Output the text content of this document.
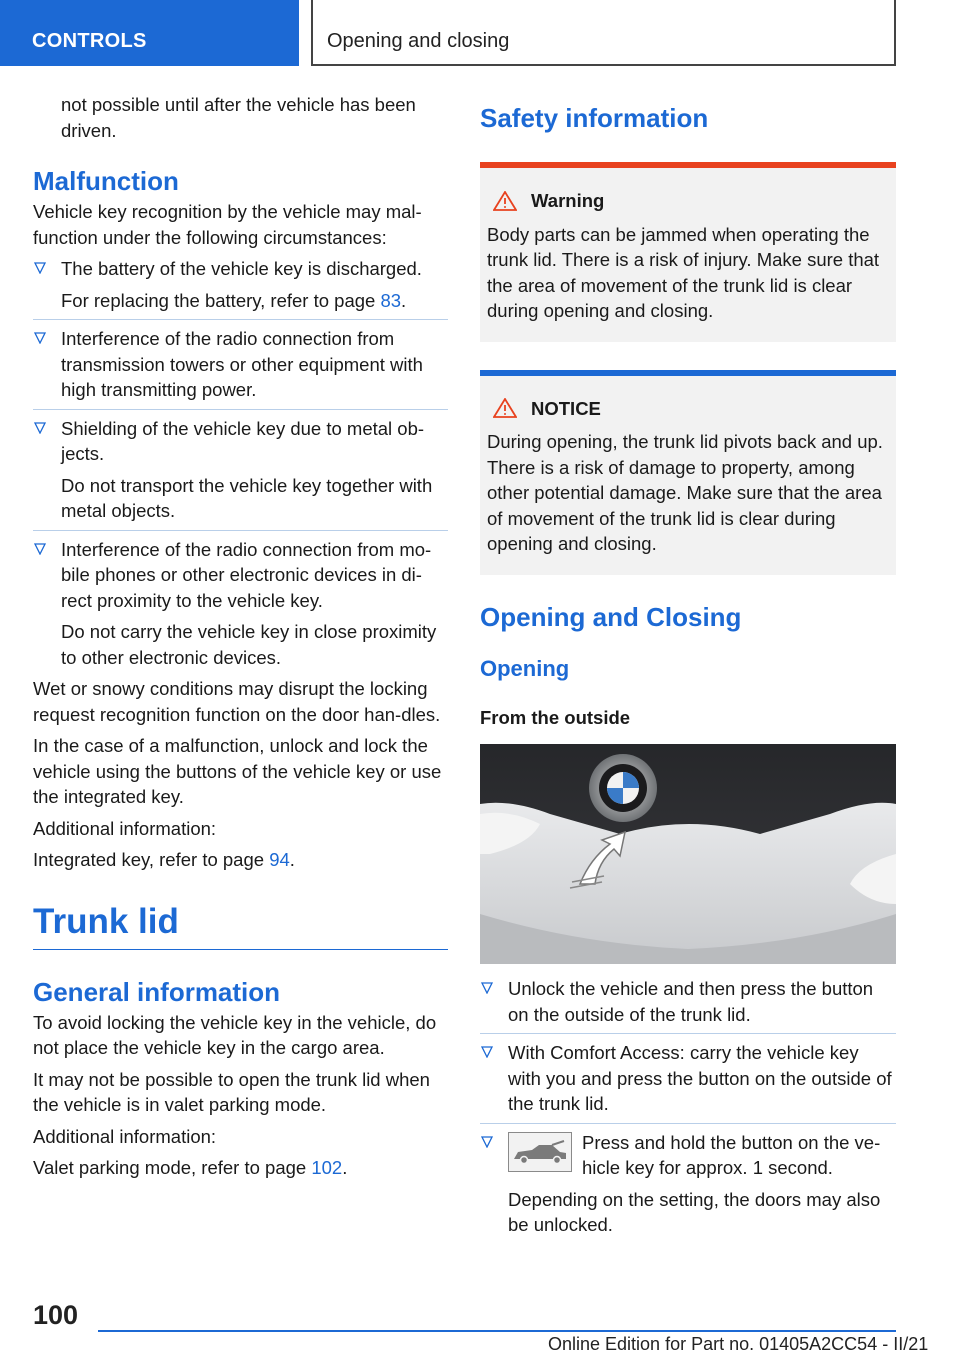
CONTROLS	Opening and closing

not possible until after the vehicle has been driven.

Malfunction

Vehicle key recognition by the vehicle may mal-function under the following circumstances:

The battery of the vehicle key is discharged.
For replacing the battery, refer to page 83.
Interference of the radio connection from transmission towers or other equipment with high transmitting power.
Shielding of the vehicle key due to metal ob-jects.
Do not transport the vehicle key together with metal objects.
Interference of the radio connection from mo-bile phones or other electronic devices in di-rect proximity to the vehicle key.
Do not carry the vehicle key in close proximity to other electronic devices.

Wet or snowy conditions may disrupt the locking request recognition function on the door han-dles.

In the case of a malfunction, unlock and lock the vehicle using the buttons of the vehicle key or use the integrated key.

Additional information:

Integrated key, refer to page 94.

Trunk lid
General information

To avoid locking the vehicle key in the vehicle, do not place the vehicle key in the cargo area.

It may not be possible to open the trunk lid when the vehicle is in valet parking mode.

Additional information:

Valet parking mode, refer to page 102.

Safety information
Warning

Body parts can be jammed when operating the trunk lid. There is a risk of injury. Make sure that the area of movement of the trunk lid is clear during opening and closing.

NOTICE

During opening, the trunk lid pivots back and up. There is a risk of damage to property, among other potential damage. Make sure that the area of movement of the trunk lid is clear during opening and closing.

Opening and Closing
Opening

From the outside

Unlock the vehicle and then press the button on the outside of the trunk lid.
With Comfort Access: carry the vehicle key with you and press the button on the outside of the trunk lid.
Press and hold the button on the ve-hicle key for approx. 1 second.
Depending on the setting, the doors may also be unlocked.
100
Online Edition for Part no. 01405A2CC54 - II/21
